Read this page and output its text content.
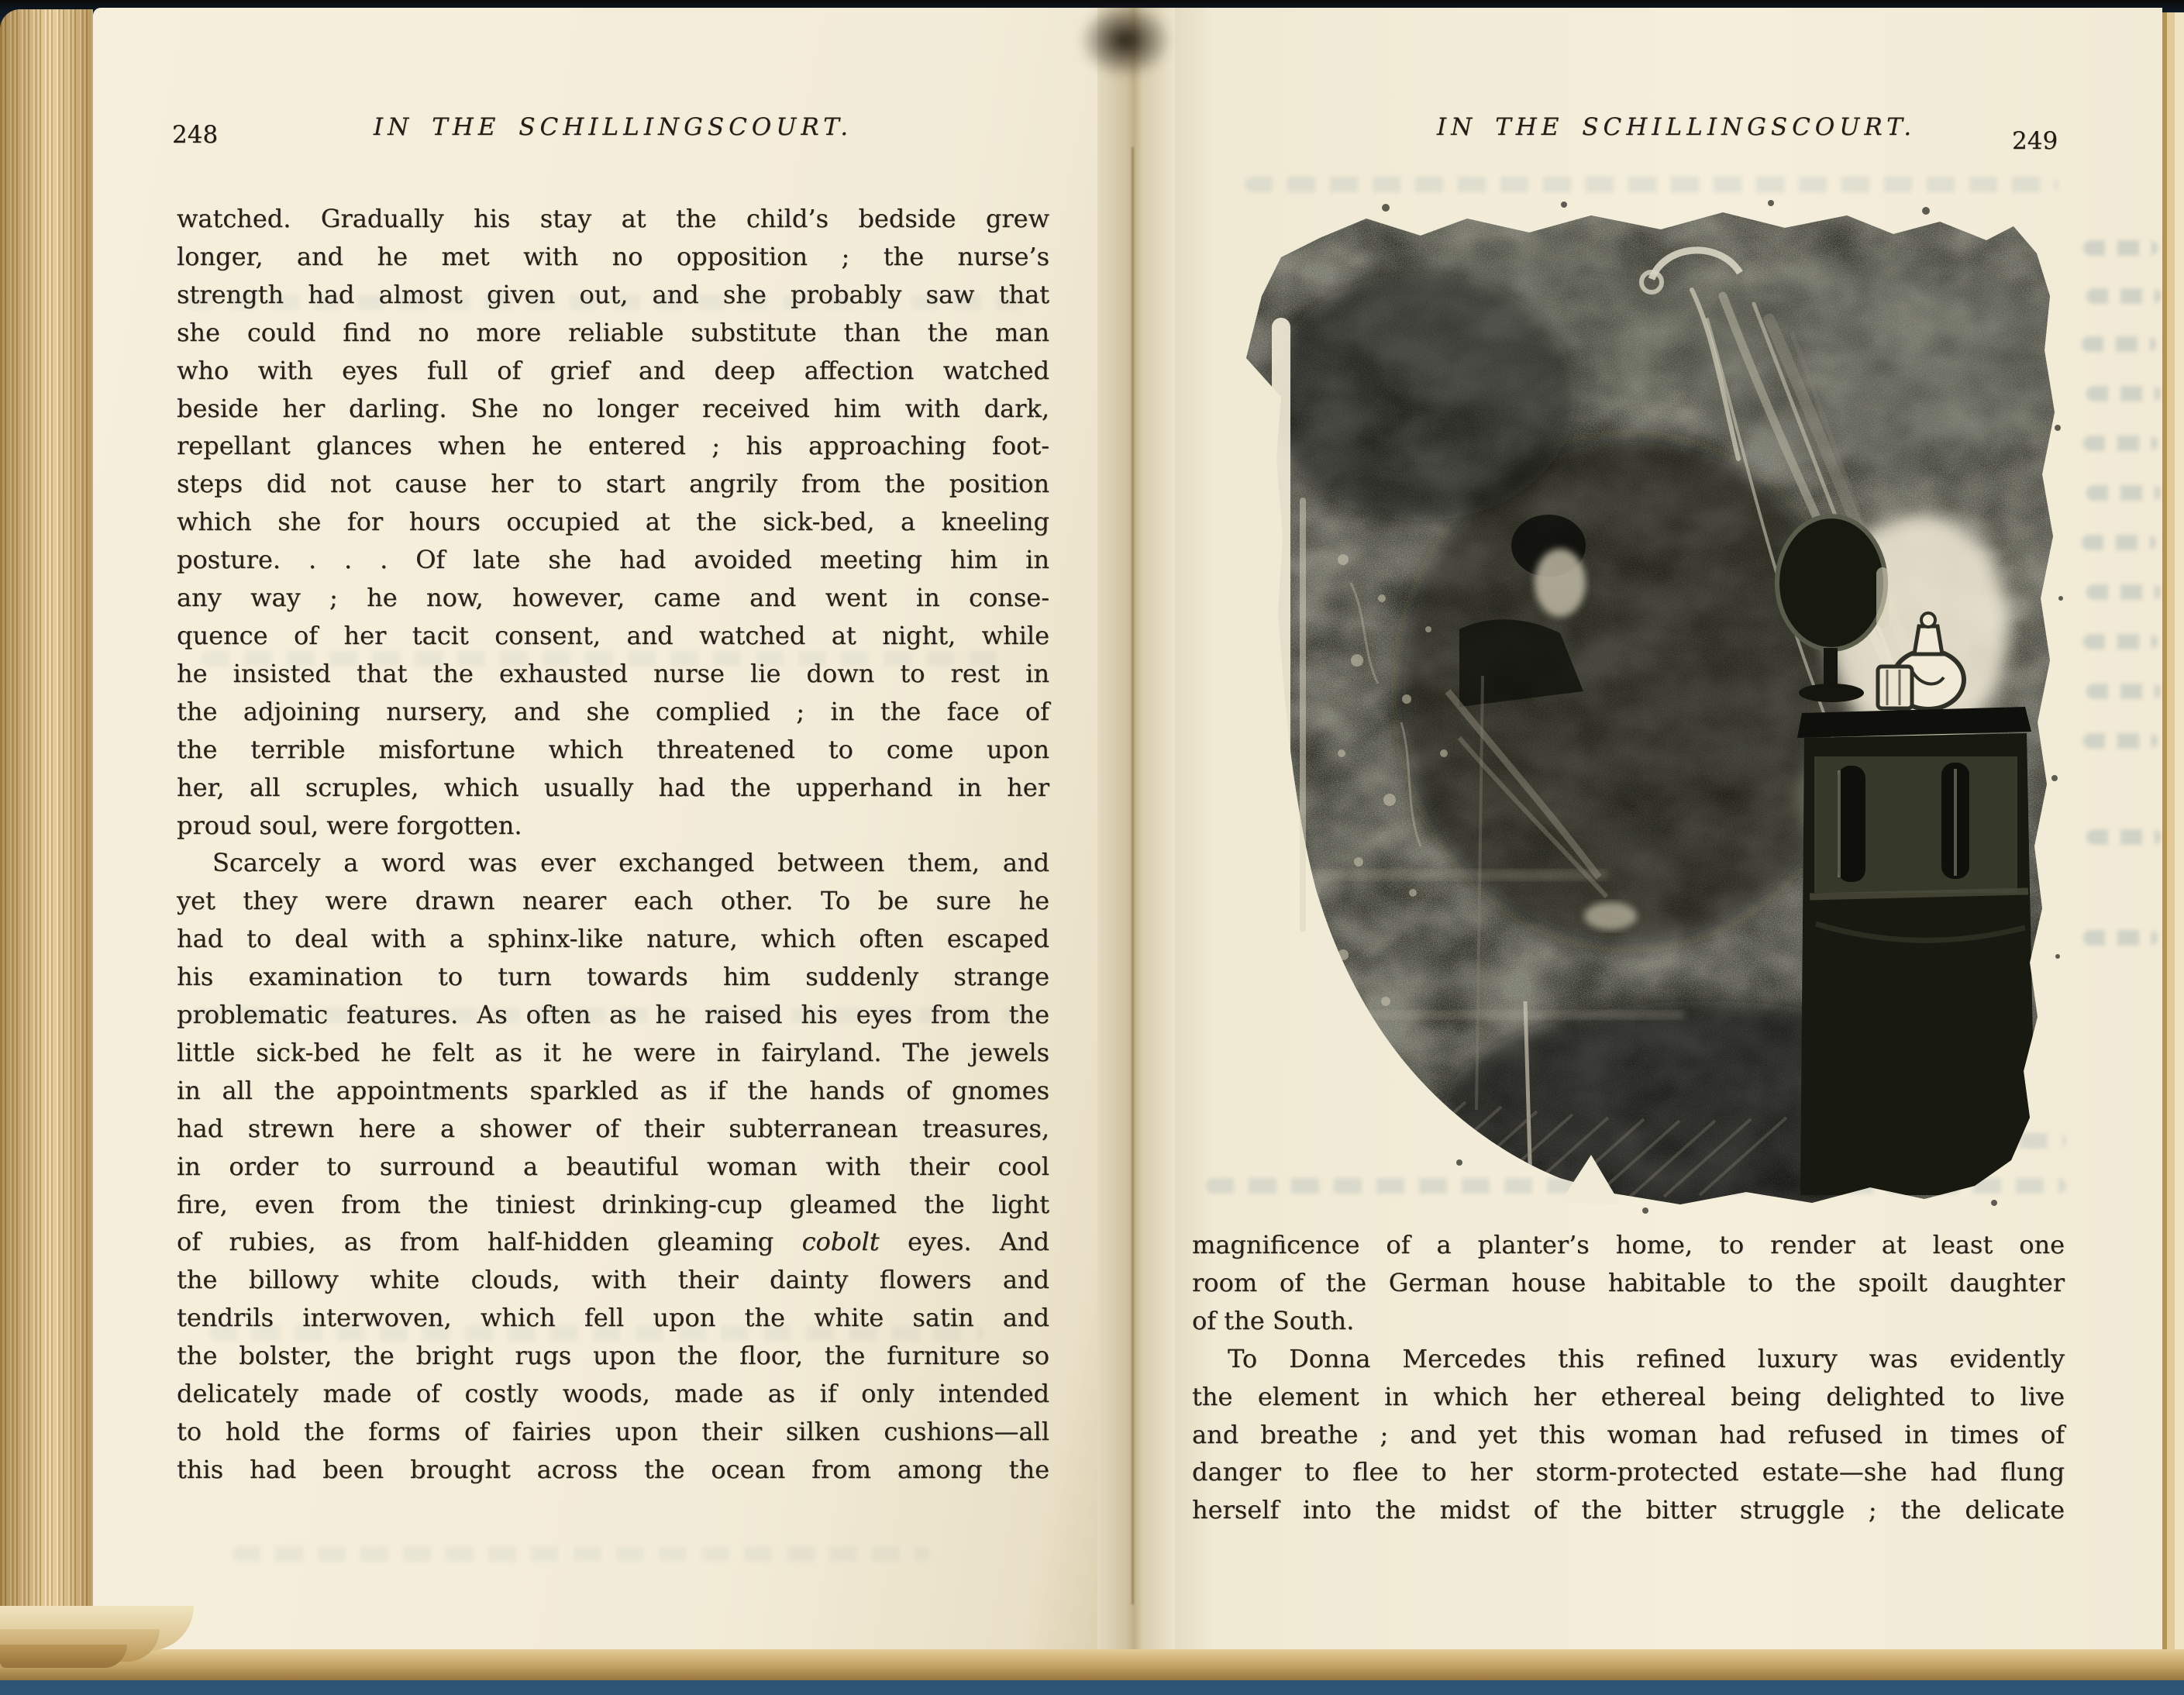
248	IN THE SCHILLINGSCOURT.	IN THE SCHILLINGSCOURT.	249
watched. Gradually his stay at the child’s bedside grew
longer, and he met with no opposition ; the nurse’s
strength had almost given out, and she probably saw that
she could find no more reliable substitute than the man
who with eyes full of grief and deep affection watched
beside her darling. She no longer received him with dark,
repellant glances when he entered ; his approaching foot-
steps did not cause her to start angrily from the position
which she for hours occupied at the sick-bed, a kneeling
posture. . . . Of late she had avoided meeting him in
any way ; he now, however, came and went in conse-
quence of her tacit consent, and watched at night, while
he insisted that the exhausted nurse lie down to rest in
the adjoining nursery, and she complied ; in the face of
the terrible misfortune which threatened to come upon
her, all scruples, which usually had the upperhand in her
proud soul, were forgotten.
Scarcely a word was ever exchanged between them, and
yet they were drawn nearer each other. To be sure he
had to deal with a sphinx-like nature, which often escaped
his examination to turn towards him suddenly strange
problematic features. As often as he raised his eyes from the
little sick-bed he felt as it he were in fairyland. The jewels
in all the appointments sparkled as if the hands of gnomes
had strewn here a shower of their subterranean treasures,
in order to surround a beautiful woman with their cool
fire, even from the tiniest drinking-cup gleamed the light
of rubies, as from half-hidden gleaming cobolt eyes. And
the billowy white clouds, with their dainty flowers and
tendrils interwoven, which fell upon the white satin and
the bolster, the bright rugs upon the floor, the furniture so
delicately made of costly woods, made as if only intended
to hold the forms of fairies upon their silken cushions—all
this had been brought across the ocean from among the
magnificence of a planter’s home, to render at least one
room of the German house habitable to the spoilt daughter
of the South.
To Donna Mercedes this refined luxury was evidently
the element in which her ethereal being delighted to live
and breathe ; and yet this woman had refused in times of
danger to flee to her storm-protected estate—she had flung
herself into the midst of the bitter struggle ; the delicate
